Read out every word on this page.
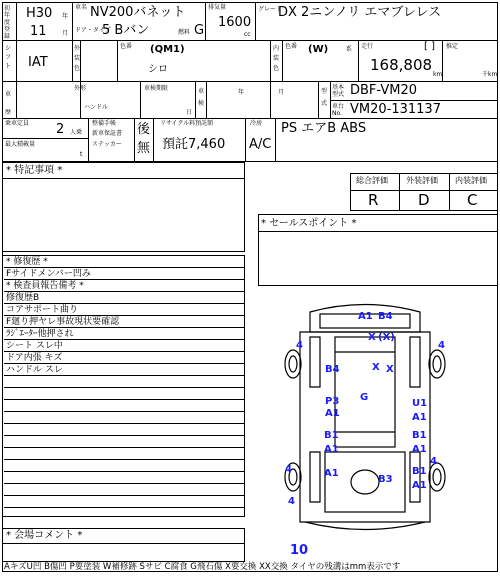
初年度登録
H30 年
11	月
車名 NV200バネット
ドア・タイプ
5 Bバン	燃料 G
排気量
1600
cc
グレード
DX 2ニンノリ エマブレレス
シフト IAT
外装色
色番 (QM1)
シロ
内装色
色番 (W)	系 走行	[ ]
168,808
km
推定
千km
車歴
外形
ハンドル
車検期限
日
車検
年	月	型式
基本型式 DBF-VM20
車台No. VM20-131137
乗車定員 2 人乗
最大積載量
t
整備手帳
新車保証書
ステッカー
後
無
リサイクル料預託額
預託7,460
冷房
A/C
PS エアB ABS
* 特記事項 *
総合評価 外装評価 内装評価
R	D C
* セールスポイント *
* 修復歴 *
Fサイドメンバー凹み
* 検査員報告備考 *
修復歴B
コアサポート曲り
F廻り押ヤレ事故現状要確認
ﾗｼﾞｴｰﾀｰ他押され
シート スレ中
ドア内張 キズ
ハンドル スレ
* 会場コメント *
A1 B4
X (X)
X
B4	X
G
P3
A1
U1
A1
B1
A1
B1
A1
A1
B3
B1
A1
4	4
4
4
4
10
AキズU凹 B傷凹 P要塗装 W補修跡 Sサビ C腐食 G飛石傷 X要交換 XX交換 タイヤの残溝はmm表示です
